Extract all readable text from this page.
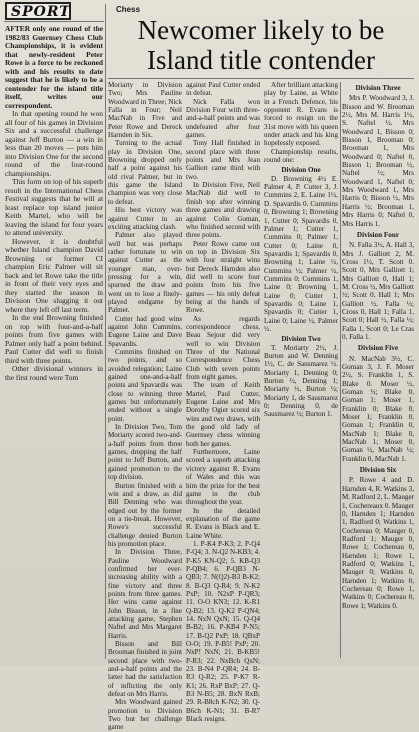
SPORT	Chess
Newcomer likely to be Island title contender

AFTER only one round of the 1982/83 Guernsey Chess Club Championships, it is evident that newly-resident Peter Rowe is a force to be reckoned with and his results to date suggest that he is likely to be a contender for the island title itself,	writes our correspondent.

In that opening round he won all four of his games in Division Six and a successful challenge against Jeff Burton — a win in less than 20 moves — puts him into Division One for the second round of the four-round championships.

This form on top of his superb result in the International Chess Festival suggests that he will at least replace top island junior Keith Martel, who will be leaving the island for four years to attend university.

However, it is doubtful whether Island champion David Browning or former CI champion Eric Palmer will sit back and let Rowe take the title in front of their very eyes and they started the season in Division One slugging it out where they left off last term.

In the end Browning finished on top with four-and-a-half points from five games with Palmer only half a point behind. Paul Cutter did well to finish third with three points.

Other divisional winners in the first round were Tom

Moriarty in Division Two; Mrs Pauline Woodward in Three; Nick Falla in Four; Neil MacNab in Five and Peter Rowe and Dereck Harnden in Six.

Turning to the actual play in Division One, Browning dropped only half a point against his old rival Palmer, but in this game the Island champion was very close to defeat.

His best victory was against Cutter in an exciting attacking clash.

Palmer also played well but was perhaps rather fortunate to win against Cutter as the younger man, over-pressing for a win, spurned the draw and went on to lose a finely-played endgame by Palmer.

Cutter had good wins against John Cummins, Eugene Laine and Dave Spavardis.

Cummins finished on two points, and so avoided relegation; Laine gained one-and-a-half points and Spavardis was close to winning three games but unfortunately ended without a single point.

In Division Two, Tom Moriarty scored two-and-a-half points from three games, dropping the half point to Jeff Burton, and gained promotion to the top division.

Burton finished with a win and a draw, as did Bill Denning who was edged out by the former on a tie-break. However, Rowe's successful challenge denied Burton his promotion place.

In Division Three, Pauline Woodward confirmed her ever-increasing ability with a fine victory and three points from three games. Her wins came against John Bisson, in a fine attacking game, Stephen Naftel and Mrs Margaret Harris.

Bisson and Bill Brooman finished in joint second place with two-and-a-half points and the latter had the satisfaction of inflicting the only defeat on Mrs Harris.

Mrs Woodward gained promotion to Division Two but her challenge game

against Paul Cutter ended in defeat.

Nick Falla won Division Four with three-and-a-half points and was undefeated after four games.

Tony Hall finished in second place with three points and Mrs Jean Galliott came third with two.

In Division Five, Neil MacNab did well to finish top after winning three games and drawing against Colin Goman, who finished second with three points.

Peter Rowe came out on top in Division Six with four straight wins but Dereck Harnden also did well to score four points from his five games — his only defeat being at the hands of Rowe.

As regards correspondence chess, Beau Sejour did very well to win Division Three of the National Correspondence Chess Club with seven points from eight games.

The team of Keith Martel, Paul Cutter, Eugene Laine and Mrs Dorothy Ogier scored six wins and two draws, with the good old lady of Guernsey chess winning both her games.

Furthermore, Laine scored a superb attacking victory against R. Evans of Wales and this was him the prize for the best game in the club throughout the year.

In the detailed explanation of the game R. Evans is Black and E. Laine White.

1. P-K4 P-K3; 2. P-Q4 P-Q4; 3. N-Q2 N-KB3; 4. P-K5 KN-Q2; 5. KB-Q3 P-QB4; 6. P-QB3 N-QB3; 7. N(Q2)-B3 B-K2; 8. B-Q3 Q-R4; 9. N-K2 PxP; 10. N2xP P-QR3; 11. O-O KN3; 12. K-R1 Q-B2; 13. Q-K2 P-QN4; 14. NxN QxN; 15. Q-Q4 B-B2; 16. P-KB4 P-N5; 17. B-Q2 PxP; 18. QBxP O-O; 19. P-B5! PxP; 20. NxP! NxN; 21. B-KB5! P-R3; 22. NxBch QxN; 23. B-N4 P-QR4; 24. B-R3 Q-R2; 25. P-K7 R-K1; 26. RxP BxP; 27. Q-B3 N-B5; 28. BxN RxB; 29. R-B8ch K-N2; 30. Q-B6ch K-N1; 31. B-R7 Black resigns.

After brilliant attacking play by Laine, as White in a French Defence, his opponent R. Evans is forced to resign on the 31st move with his queen under attack and his king hopelessly exposed.

Championship results, round one:

Division One

D. Browning 4½ E. Palmer 4, P. Cutter 3, J. Cummins 2, E. Laine 1½, D. Spavardis 0. Cummins 0, Browning 1; Browning 1, Cutter 0; Spavardis 0, Palmer 1; Cutter 1, Cummins 0; Palmer 1, Cutter 0; Laine 0, Spavardis 1; Spavardis 0, Browning 1; Laine ½, Cummins ½; Palmer ½, Cummins 0; Cummins 1, Laine 0; Browning 1, Laine 0; Cutter 1, Spavardis 0; Laine 1, Spavardis 0; Cutter 1, Laine 0; Laine ½, Palmer ½.

Division Two

T. Moriarty 2½, J. Burton and W. Denning 1½, C. de Sausmarez ½. Moriarty 1, Denning 0; Burton ½, Denning 1; Moriarty ½, Burton ½; Moriarty 1, de Sausmarez 0; Denning 0, de Sausmarez ½; Burton 1.

Division Three

Mrs P. Woodward 3, J. Bisson and W. Brooman 2½, Mrs M. Harris 1½, S. Naftel ½. Mrs Woodward 1, Bisson 0; Bisson 1, Brooman 0; Brooman 1, Mrs Woodward 0; Naftel 0, Bisson 1; Brooman ½, Naftel ½; Mrs Woodward 1, Naftel 0; Mrs Woodward 1, Mrs Harris 0; Bisson ½, Mrs Harris ½; Brooman 1, Mrs Harris 0; Naftel 0, Mrs Harris 1.

Division Four

N. Falla 3½, A. Hall 3, Mrs J. Galliott 2, M. Cross 1½, T. Scott 0. Scott 0, Mrs Galliott 1; Mrs Galliott 0, Hall 1; M. Cross ½, Mrs Galliott ½; Scott 0, Hall 1; Mrs Galliott ½, Falla ½; Cross 0, Hall 1; Falla 1, Scott 0; Hall ½, Falla ½; Falla 1, Scott 0; Le Cras 0, Falla 1.

Division Five

N. MacNab 3½, C. Goman 3, J. F. Moser 2½, S. Franklin 1, S. Blake 0. Moser ½, Goman ½; Blake 0, Goman 1; Moser 1, Franklin 0; Blake 0, Moser 1; Franklin 0, Goman 1; Franklin 0, MacNab 1; Blake 0, MacNab 1; Moser 0, Goman ½, MacNab ½; Franklin 0, MacNab 1.

Division Six

P. Rowe 4 and D. Harnden 4, R. Watkins 3, M. Radford 2, L. Mauger 1, Cochereaux 0. Mauger 0, Harnden 1; Harnden 1, Radford 0; Watkins 1, Cochereau 0; Mauger 0, Radford 1; Mauger 0, Rowe 1; Cochereau 0, Harnden 1; Rowe 1, Radford 0; Watkins 1, Mauger 0; Watkins 0, Harnden 1; Watkins 0, Cochereau 0; Rowe 1, Watkins 0; Cochereau 0, Rowe 1; Watkins 0.
